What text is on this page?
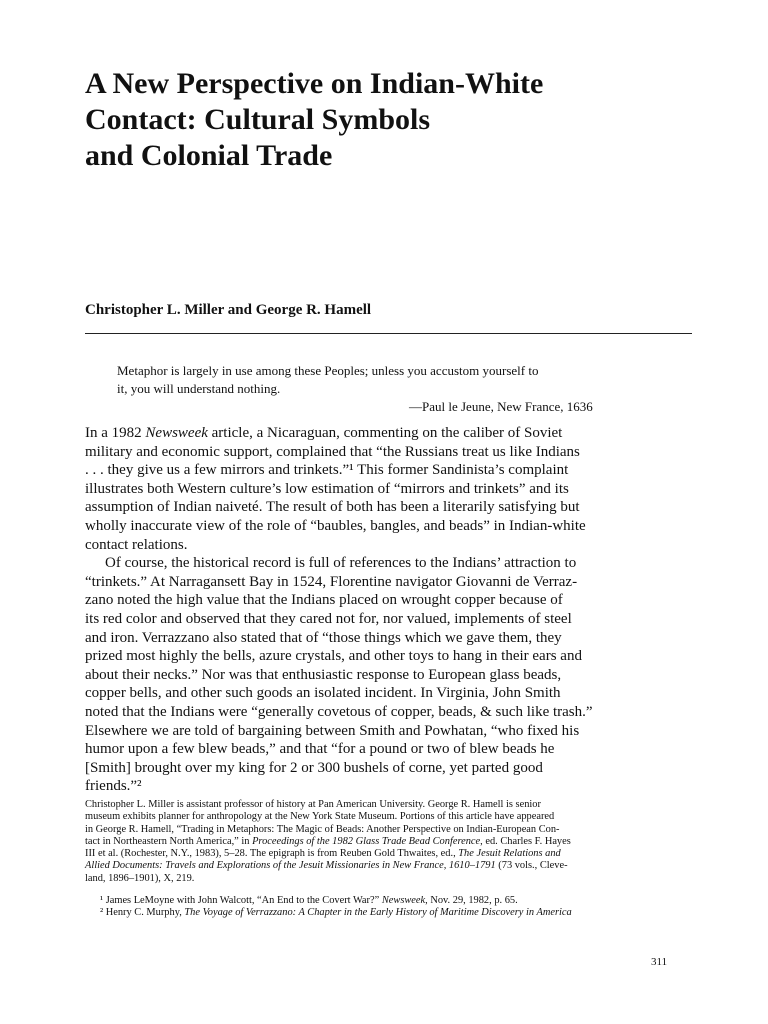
A New Perspective on Indian-White
Contact: Cultural Symbols
and Colonial Trade
Christopher L. Miller and George R. Hamell
Metaphor is largely in use among these Peoples; unless you accustom yourself to
it, you will understand nothing.
—Paul le Jeune, New France, 1636
In a 1982 Newsweek article, a Nicaraguan, commenting on the caliber of Soviet
military and economic support, complained that “the Russians treat us like Indians
. . . they give us a few mirrors and trinkets.”¹ This former Sandinista’s complaint
illustrates both Western culture’s low estimation of “mirrors and trinkets” and its
assumption of Indian naiveté. The result of both has been a literarily satisfying but
wholly inaccurate view of the role of “baubles, bangles, and beads” in Indian-white
contact relations.
Of course, the historical record is full of references to the Indians’ attraction to
“trinkets.” At Narragansett Bay in 1524, Florentine navigator Giovanni de Verraz-
zano noted the high value that the Indians placed on wrought copper because of
its red color and observed that they cared not for, nor valued, implements of steel
and iron. Verrazzano also stated that of “those things which we gave them, they
prized most highly the bells, azure crystals, and other toys to hang in their ears and
about their necks.” Nor was that enthusiastic response to European glass beads,
copper bells, and other such goods an isolated incident. In Virginia, John Smith
noted that the Indians were “generally covetous of copper, beads, & such like trash.”
Elsewhere we are told of bargaining between Smith and Powhatan, “who fixed his
humor upon a few blew beads,” and that “for a pound or two of blew beads he
[Smith] brought over my king for 2 or 300 bushels of corne, yet parted good
friends.”²
Christopher L. Miller is assistant professor of history at Pan American University. George R. Hamell is senior
museum exhibits planner for anthropology at the New York State Museum. Portions of this article have appeared
in George R. Hamell, “Trading in Metaphors: The Magic of Beads: Another Perspective on Indian-European Con-
tact in Northeastern North America,” in Proceedings of the 1982 Glass Trade Bead Conference, ed. Charles F. Hayes
III et al. (Rochester, N.Y., 1983), 5–28. The epigraph is from Reuben Gold Thwaites, ed., The Jesuit Relations and
Allied Documents: Travels and Explorations of the Jesuit Missionaries in New France, 1610–1791 (73 vols., Cleve-
land, 1896–1901), X, 219.
¹ James LeMoyne with John Walcott, “An End to the Covert War?” Newsweek, Nov. 29, 1982, p. 65.
² Henry C. Murphy, The Voyage of Verrazzano: A Chapter in the Early History of Maritime Discovery in America
311
